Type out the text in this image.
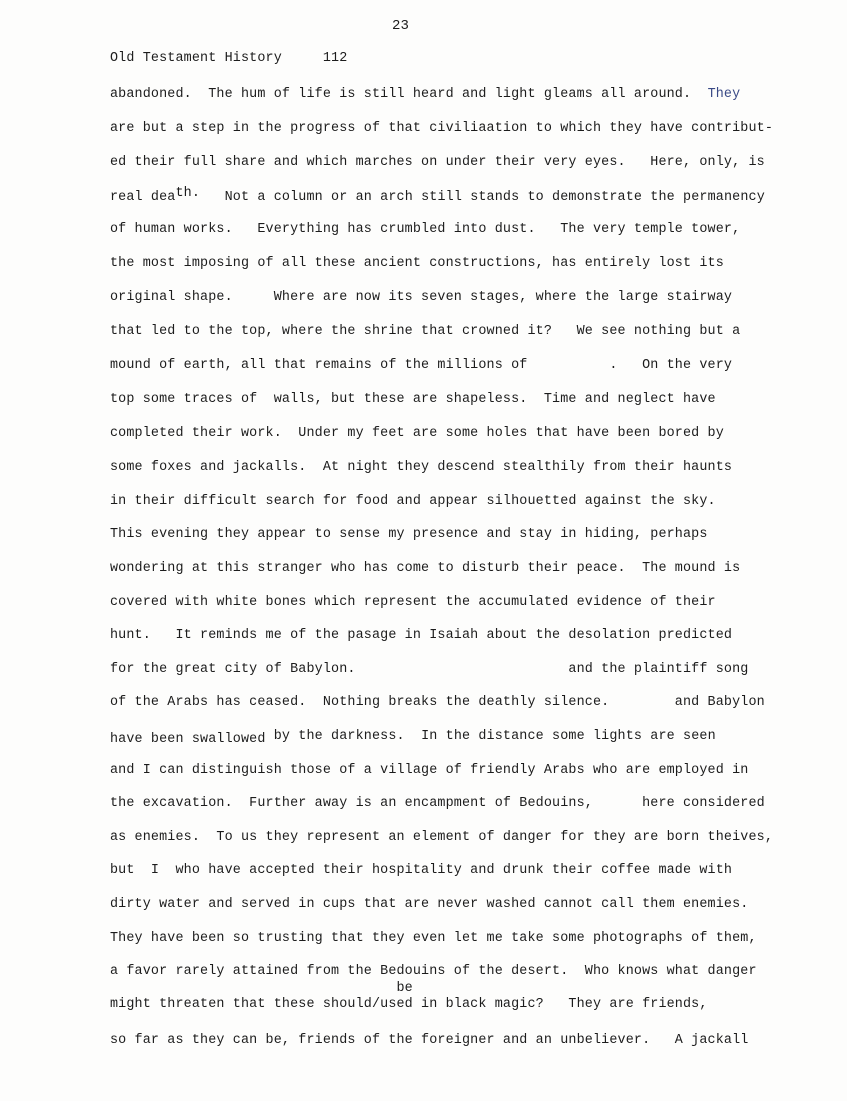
23
Old Testament History	112
abandoned.  The hum of life is still heard and light gleams all around.  They
are but a step in the progress of that civiliaation to which they have contribut-
ed their full share and which marches on under their very eyes.   Here, only, is
real death.   Not a column or an arch still stands to demonstrate the permanency
of human works.   Everything has crumbled into dust.   The very temple tower,
the most imposing of all these ancient constructions, has entirely lost its
original shape.     Where are now its seven stages, where the large stairway
that led to the top, where the shrine that crowned it?   We see nothing but a
mound of earth, all that remains of the millions of          .   On the very
top some traces of  walls, but these are shapeless.  Time and neglect have
completed their work.  Under my feet are some holes that have been bored by
some foxes and jackalls.  At night they descend stealthily from their haunts
in their difficult search for food and appear silhouetted against the sky.
This evening they appear to sense my presence and stay in hiding, perhaps
wondering at this stranger who has come to disturb their peace.  The mound is
covered with white bones which represent the accumulated evidence of their
hunt.   It reminds me of the pasage in Isaiah about the desolation predicted
for the great city of Babylon.                          and the plaintiff song
of the Arabs has ceased.  Nothing breaks the deathly silence.        and Babylon
have been swallowed by the darkness.  In the distance some lights are seen
and I can distinguish those of a village of friendly Arabs who are employed in
the excavation.  Further away is an encampment of Bedouins,      here considered
as enemies.  To us they represent an element of danger for they are born theives,
but  I  who have accepted their hospitality and drunk their coffee made with
dirty water and served in cups that are never washed cannot call them enemies.
They have been so trusting that they even let me take some photographs of them,
a favor rarely attained from the Bedouins of the desert.  Who knows what danger
be
might threaten that these should/used in black magic?   They are friends,
so far as they can be, friends of the foreigner and an unbeliever.   A jackall
